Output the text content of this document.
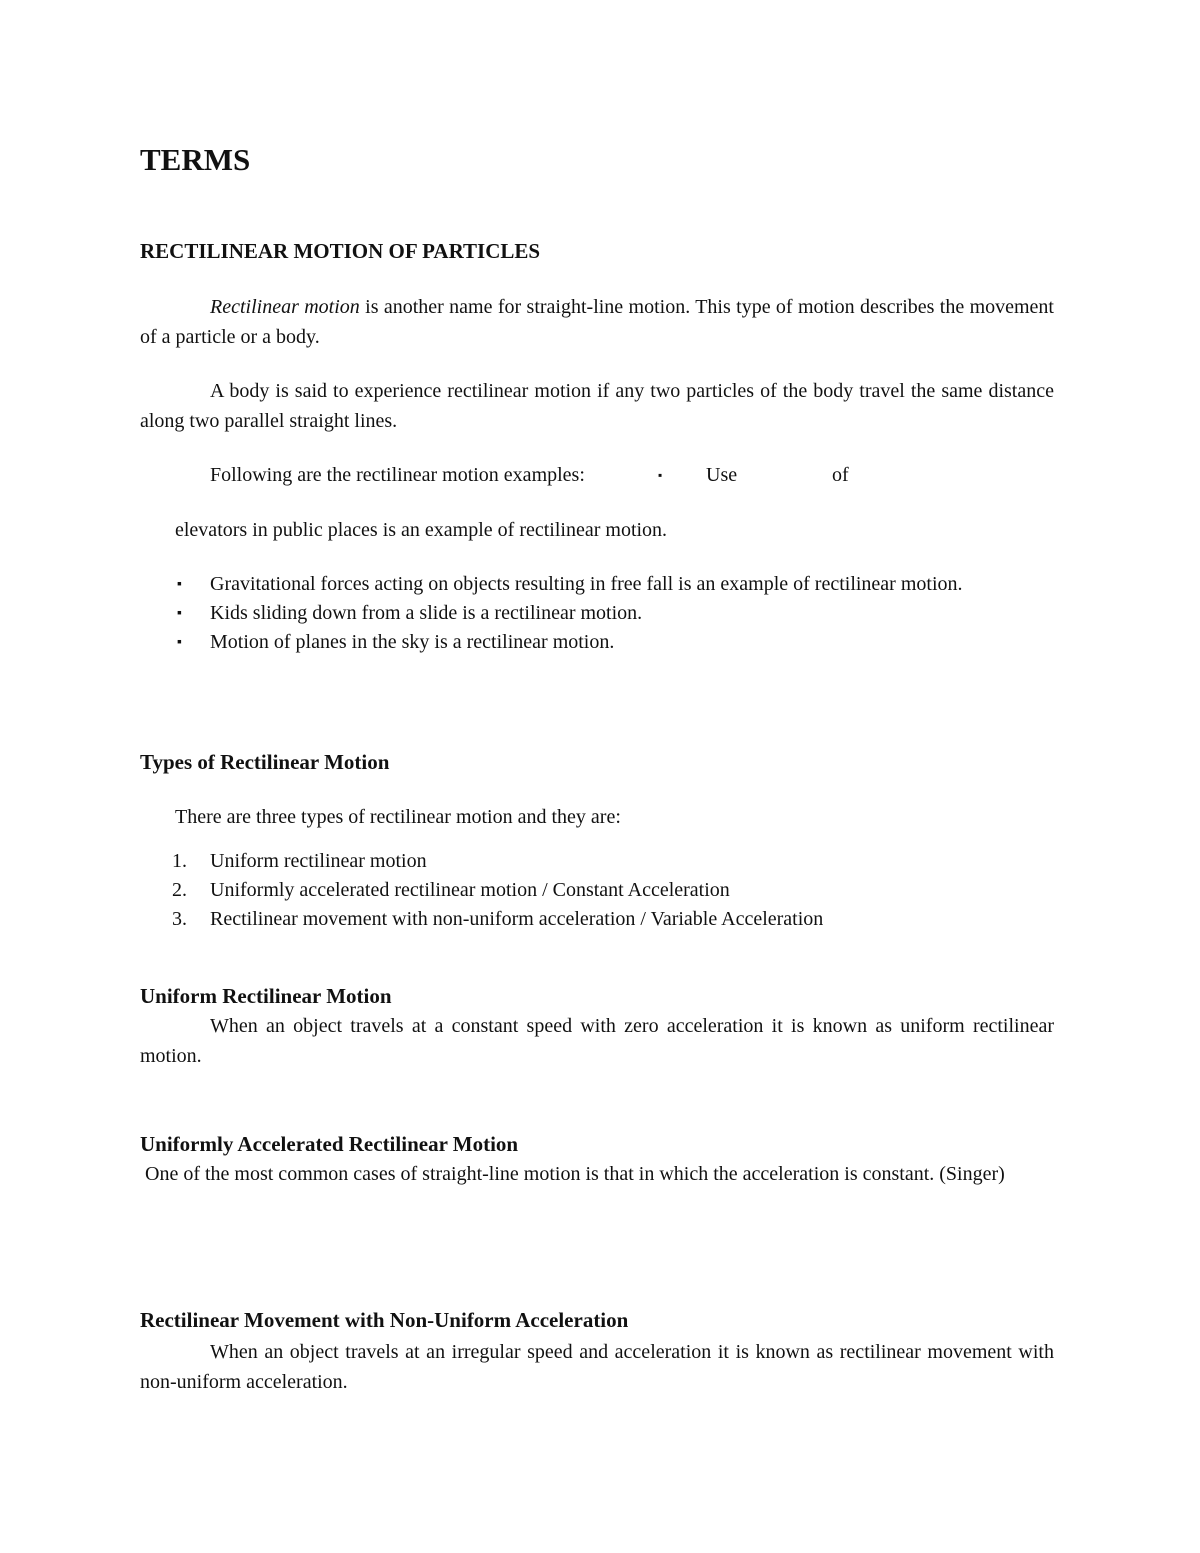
TERMS
RECTILINEAR MOTION OF PARTICLES
Rectilinear motion is another name for straight-line motion. This type of motion describes the movement of a particle or a body.
A body is said to experience rectilinear motion if any two particles of the body travel the same distance along two parallel straight lines.
Following are the rectilinear motion examples:	▪ Use	of
elevators in public places is an example of rectilinear motion.
▪ Gravitational forces acting on objects resulting in free fall is an example of rectilinear motion.
▪ Kids sliding down from a slide is a rectilinear motion.
▪ Motion of planes in the sky is a rectilinear motion.
Types of Rectilinear Motion
There are three types of rectilinear motion and they are:
1. Uniform rectilinear motion
2. Uniformly accelerated rectilinear motion / Constant Acceleration
3. Rectilinear movement with non-uniform acceleration / Variable Acceleration
Uniform Rectilinear Motion
When an object travels at a constant speed with zero acceleration it is known as uniform rectilinear motion.
Uniformly Accelerated Rectilinear Motion
One of the most common cases of straight-line motion is that in which the acceleration is constant. (Singer)
Rectilinear Movement with Non-Uniform Acceleration
When an object travels at an irregular speed and acceleration it is known as rectilinear movement with non-uniform acceleration.
